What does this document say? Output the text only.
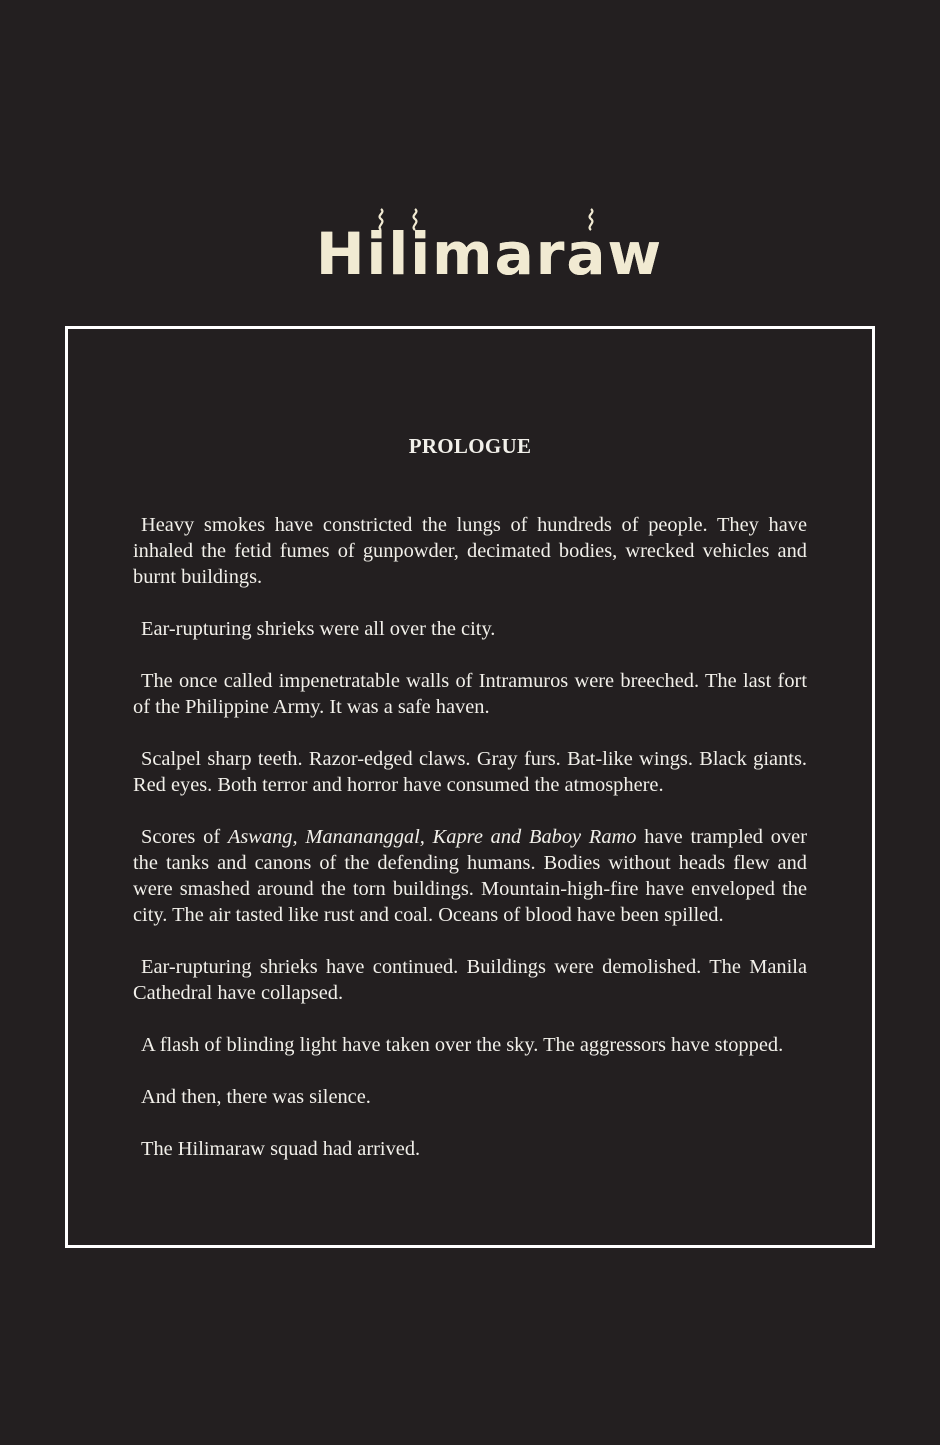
Hilimaraw
PROLOGUE

Heavy smokes have constricted the lungs of hundreds of people. They have inhaled the fetid fumes of gunpowder, decimated bodies, wrecked vehicles and burnt buildings.

Ear-rupturing shrieks were all over the city.

The once called impenetratable walls of Intramuros were breeched. The last fort of the Philippine Army. It was a safe haven.

Scalpel sharp teeth. Razor-edged claws. Gray furs. Bat-like wings. Black giants. Red eyes. Both terror and horror have consumed the atmosphere.

Scores of Aswang, Manananggal, Kapre and Baboy Ramo have trampled over the tanks and canons of the defending humans. Bodies without heads flew and were smashed around the torn buildings. Mountain-high-fire have enveloped the city. The air tasted like rust and coal. Oceans of blood have been spilled.

Ear-rupturing shrieks have continued. Buildings were demolished. The Manila Cathedral have collapsed.

A flash of blinding light have taken over the sky. The aggressors have stopped.

And then, there was silence.

The Hilimaraw squad had arrived.
